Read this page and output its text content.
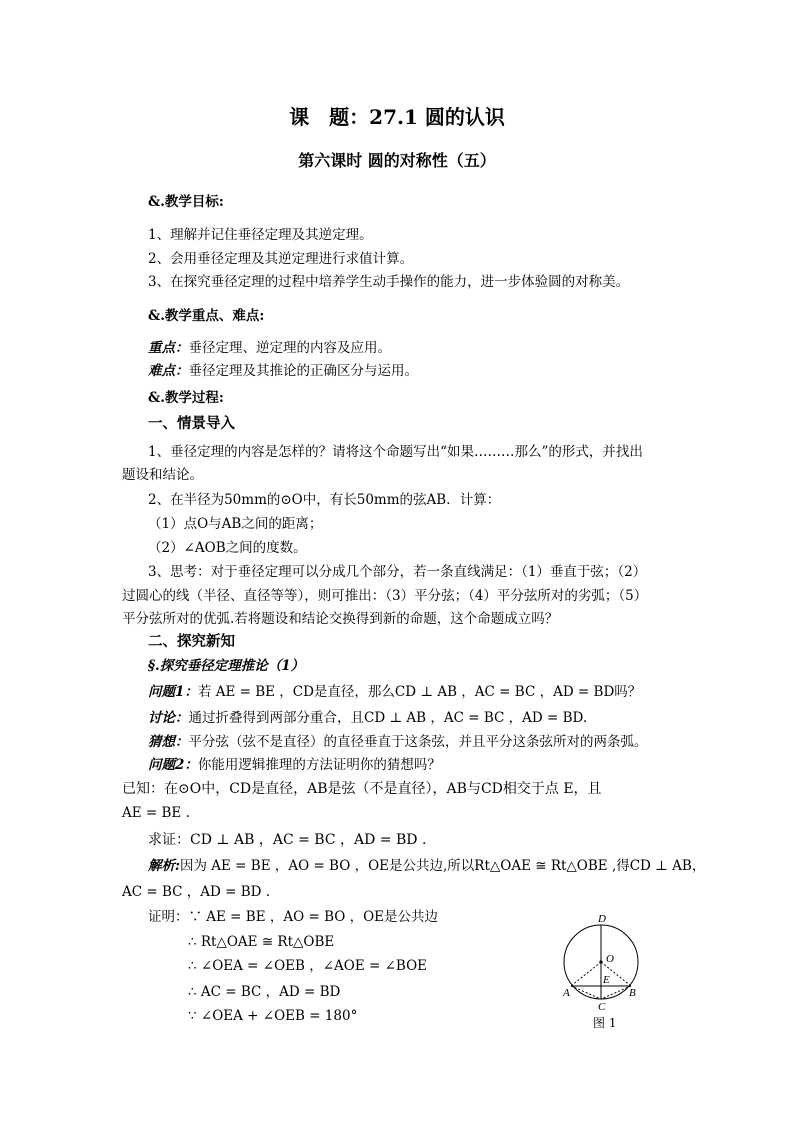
课　题：27.1 圆的认识
第六课时 圆的对称性（五）
&.教学目标:
1、理解并记住垂径定理及其逆定理。
2、会用垂径定理及其逆定理进行求值计算。
3、在探究垂径定理的过程中培养学生动手操作的能力，进一步体验圆的对称美。
&.教学重点、难点:
重点：垂径定理、逆定理的内容及应用。
难点：垂径定理及其推论的正确区分与运用。
&.教学过程:
一、情景导入
1、垂径定理的内容是怎样的？请将这个命题写出“如果………那么”的形式，并找出
题设和结论。
2、在半径为50mm的⊙O中，有长50mm的弦AB．计算：
（1）点O与AB之间的距离；
（2）∠AOB之间的度数。
3、思考：对于垂径定理可以分成几个部分，若一条直线满足：（1）垂直于弦；（2）
过圆心的线（半径、直径等等），则可推出：（3）平分弦；（4）平分弦所对的劣弧；（5）
平分弦所对的优弧.若将题设和结论交换得到新的命题，这个命题成立吗？
二、探究新知
§.探究垂径定理推论（1）
问题1：若 AE = BE ，CD是直径，那么CD ⊥ AB ，AC = BC ，AD = BD吗？
讨论：通过折叠得到两部分重合，且CD ⊥ AB ，AC = BC ，AD = BD.
猜想：平分弦（弦不是直径）的直径垂直于这条弦，并且平分这条弦所对的两条弧。
问题2：你能用逻辑推理的方法证明你的猜想吗？
已知：在⊙O中，CD是直径，AB是弦（不是直径），AB与CD相交于点 E，且
AE = BE .
求证：CD ⊥ AB ，AC = BC ，AD = BD .
解析:因为 AE = BE ，AO = BO ，OE是公共边,所以Rt△OAE ≅ Rt△OBE ,得CD ⊥ AB，
AC = BC ，AD = BD .
证明：∵ AE = BE ，AO = BO ，OE是公共边
∴ Rt△OAE ≅ Rt△OBE
∴ ∠OEA = ∠OEB ，∠AOE = ∠BOE
∴ AC = BC ，AD = BD
∵ ∠OEA + ∠OEB = 180°
D
O
E
A	B
C
图 1
